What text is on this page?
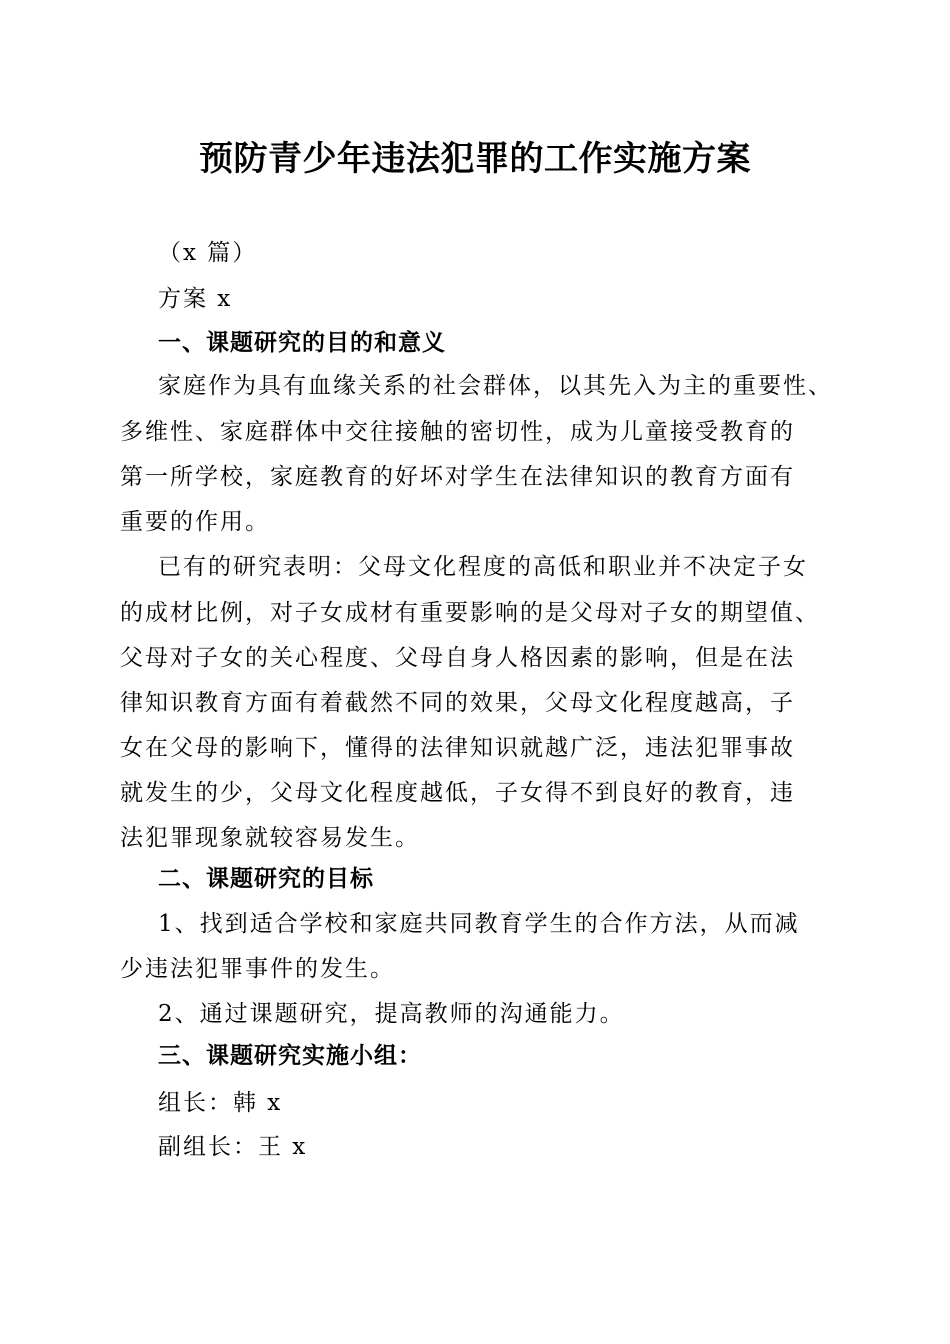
预防青少年违法犯罪的工作实施方案
（x 篇）
方案 x
一、课题研究的目的和意义
家庭作为具有血缘关系的社会群体，以其先入为主的重要性、
多维性、家庭群体中交往接触的密切性，成为儿童接受教育的
第一所学校，家庭教育的好坏对学生在法律知识的教育方面有
重要的作用。
已有的研究表明：父母文化程度的高低和职业并不决定子女
的成材比例，对子女成材有重要影响的是父母对子女的期望值、
父母对子女的关心程度、父母自身人格因素的影响，但是在法
律知识教育方面有着截然不同的效果，父母文化程度越高，子
女在父母的影响下，懂得的法律知识就越广泛，违法犯罪事故
就发生的少，父母文化程度越低，子女得不到良好的教育，违
法犯罪现象就较容易发生。
二、课题研究的目标
1、找到适合学校和家庭共同教育学生的合作方法，从而减
少违法犯罪事件的发生。
2、通过课题研究，提高教师的沟通能力。
三、课题研究实施小组：
组长：韩 x
副组长：王 x
